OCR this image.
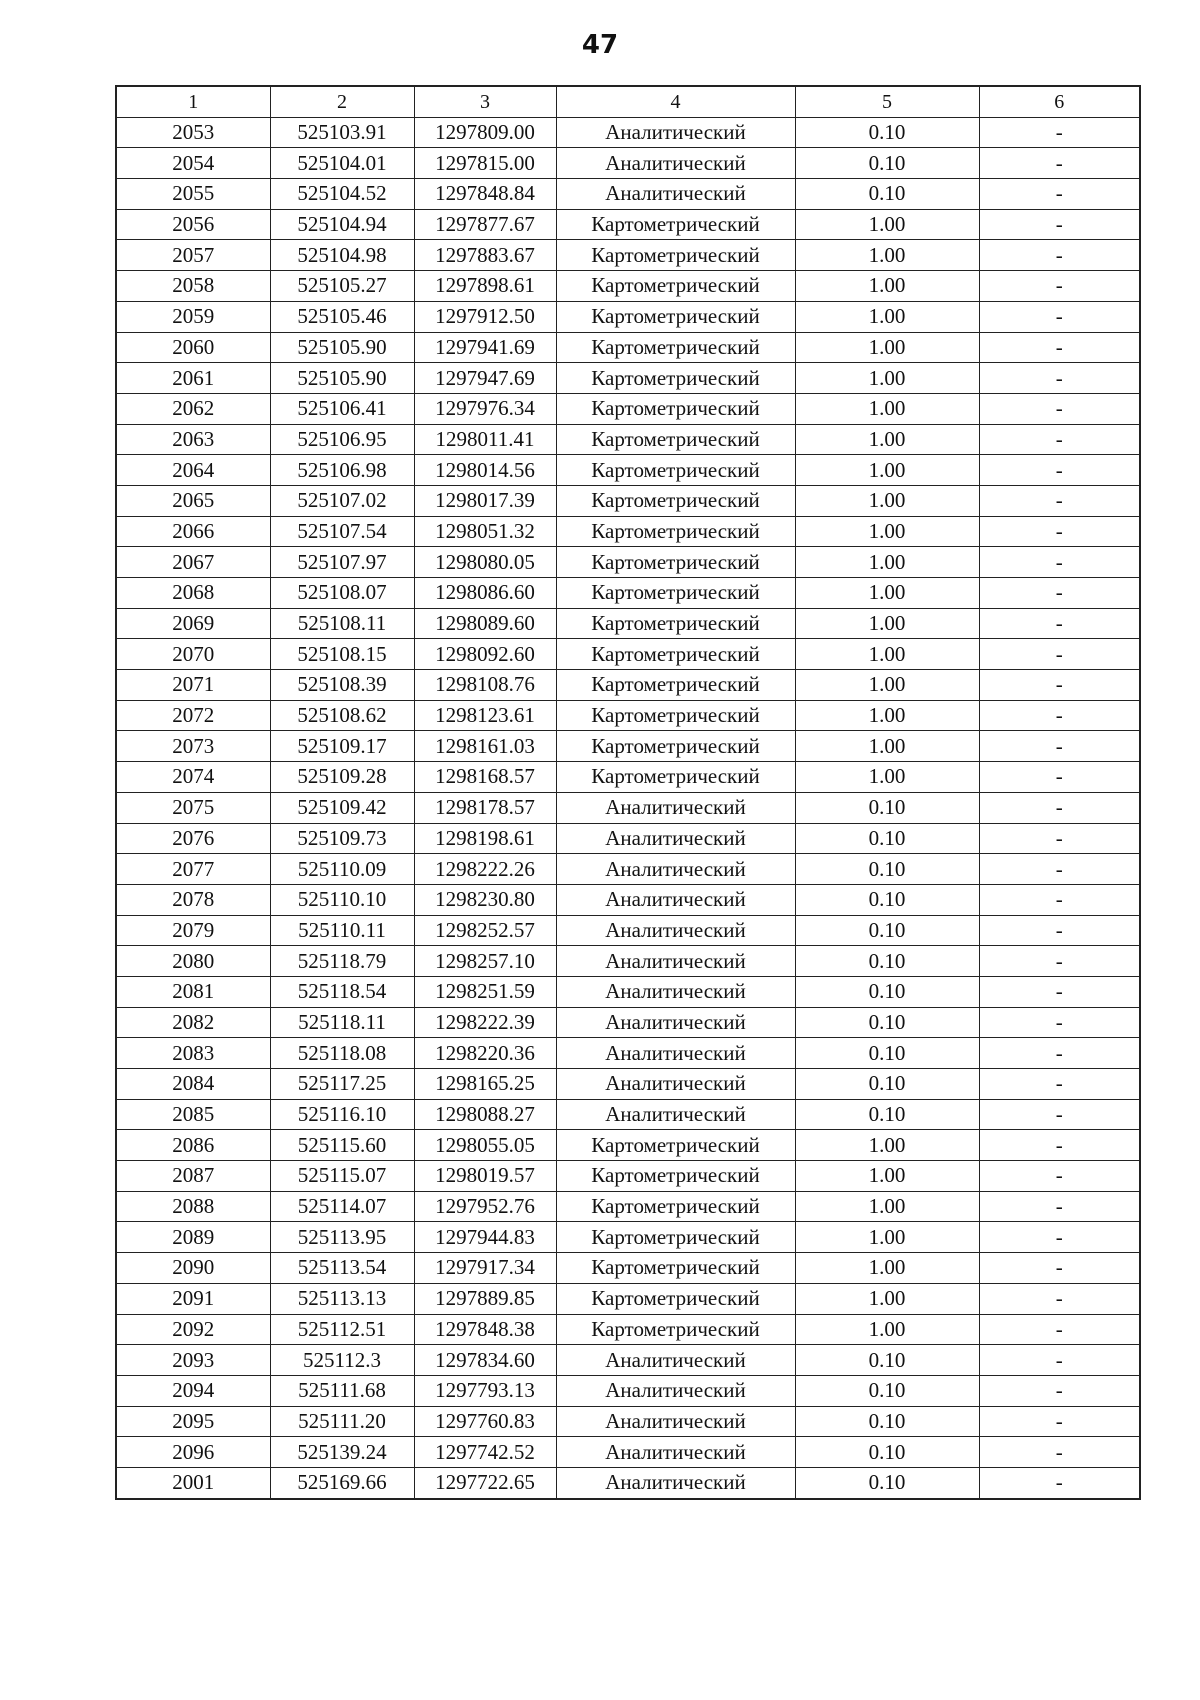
47
1	2	3	4	5	6
2053	525103.91	1297809.00	Аналитический	0.10	-
2054	525104.01	1297815.00	Аналитический	0.10	-
2055	525104.52	1297848.84	Аналитический	0.10	-
2056	525104.94	1297877.67	Картометрический	1.00	-
2057	525104.98	1297883.67	Картометрический	1.00	-
2058	525105.27	1297898.61	Картометрический	1.00	-
2059	525105.46	1297912.50	Картометрический	1.00	-
2060	525105.90	1297941.69	Картометрический	1.00	-
2061	525105.90	1297947.69	Картометрический	1.00	-
2062	525106.41	1297976.34	Картометрический	1.00	-
2063	525106.95	1298011.41	Картометрический	1.00	-
2064	525106.98	1298014.56	Картометрический	1.00	-
2065	525107.02	1298017.39	Картометрический	1.00	-
2066	525107.54	1298051.32	Картометрический	1.00	-
2067	525107.97	1298080.05	Картометрический	1.00	-
2068	525108.07	1298086.60	Картометрический	1.00	-
2069	525108.11	1298089.60	Картометрический	1.00	-
2070	525108.15	1298092.60	Картометрический	1.00	-
2071	525108.39	1298108.76	Картометрический	1.00	-
2072	525108.62	1298123.61	Картометрический	1.00	-
2073	525109.17	1298161.03	Картометрический	1.00	-
2074	525109.28	1298168.57	Картометрический	1.00	-
2075	525109.42	1298178.57	Аналитический	0.10	-
2076	525109.73	1298198.61	Аналитический	0.10	-
2077	525110.09	1298222.26	Аналитический	0.10	-
2078	525110.10	1298230.80	Аналитический	0.10	-
2079	525110.11	1298252.57	Аналитический	0.10	-
2080	525118.79	1298257.10	Аналитический	0.10	-
2081	525118.54	1298251.59	Аналитический	0.10	-
2082	525118.11	1298222.39	Аналитический	0.10	-
2083	525118.08	1298220.36	Аналитический	0.10	-
2084	525117.25	1298165.25	Аналитический	0.10	-
2085	525116.10	1298088.27	Аналитический	0.10	-
2086	525115.60	1298055.05	Картометрический	1.00	-
2087	525115.07	1298019.57	Картометрический	1.00	-
2088	525114.07	1297952.76	Картометрический	1.00	-
2089	525113.95	1297944.83	Картометрический	1.00	-
2090	525113.54	1297917.34	Картометрический	1.00	-
2091	525113.13	1297889.85	Картометрический	1.00	-
2092	525112.51	1297848.38	Картометрический	1.00	-
2093	525112.3	1297834.60	Аналитический	0.10	-
2094	525111.68	1297793.13	Аналитический	0.10	-
2095	525111.20	1297760.83	Аналитический	0.10	-
2096	525139.24	1297742.52	Аналитический	0.10	-
2001	525169.66	1297722.65	Аналитический	0.10	-
